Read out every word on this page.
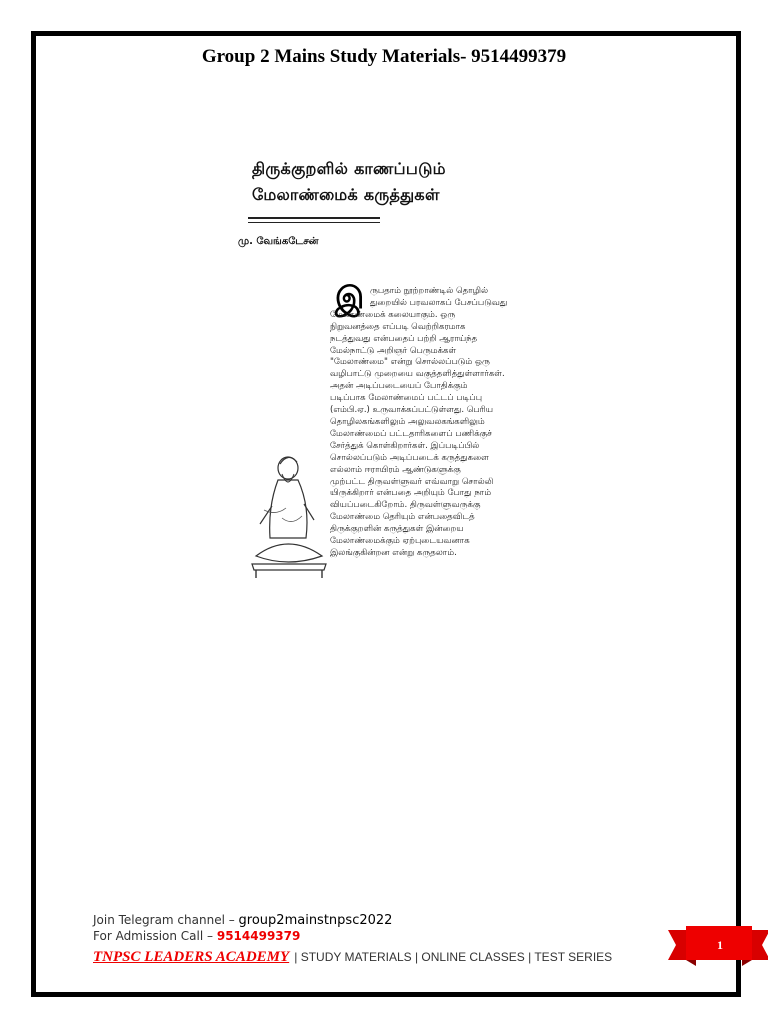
Group 2 Mains Study Materials- 9514499379
திருக்குறளில் காணப்படும்
மேலாண்மைக் கருத்துகள்
மு. வேங்கடேசன்
இ ருபதாம் நூற்றாண்டில் தொழில்
துறையில் பரவலாகப் பேசப்படுவது
மேலாண்மைக் கலையாகும். ஒரு
நிறுவனத்தை எப்படி வெற்றிகரமாக
நடத்துவது என்பதைப் பற்றி ஆராய்ந்த
மேல்நாட்டு அறிஞர் பெருமக்கள்
"மேலாண்மை" என்று சொல்லப்படும் ஒரு
வழிபாட்டு முறையை வகுத்தளித்துள்ளார்கள்.
அதன் அடிப்படையைப் போதிக்கும்
படிப்பாக மேலாண்மைப் பட்டப் படிப்பு
(எம்பி.ஏ.) உருவாக்கப்பட்டுள்ளது. பெரிய
தொழிலகங்களிலும் அலுவலகங்களிலும்
மேலாண்மைப் பட்டதாரிகளைப் பணிக்குச்
சேர்த்துக் கொள்கிறார்கள். இப்படிப்பில்
சொல்லப்படும் அடிப்படைக் கருத்துகளை
எல்லாம் ஈராயிரம் ஆண்டுகளுக்கு
முற்பட்ட திருவள்ளுவர் எவ்வாறு சொல்லி
யிருக்கிறார் என்பதை அறியும் போது நாம்
வியப்படைகிறோம். திருவள்ளுவருக்கு
மேலாண்மை தெரியும் என்பதைவிடத்
திருக்குறளின் கருத்துகள் இன்றைய
மேலாண்மைக்கும் ஏற்புடையவனாக
இலங்குகின்றன என்று கருதலாம்.
Join Telegram channel – group2mainstnpsc2022
For Admission Call – 9514499379
TNPSC LEADERS ACADEMY | STUDY MATERIALS | ONLINE CLASSES | TEST SERIES
1
